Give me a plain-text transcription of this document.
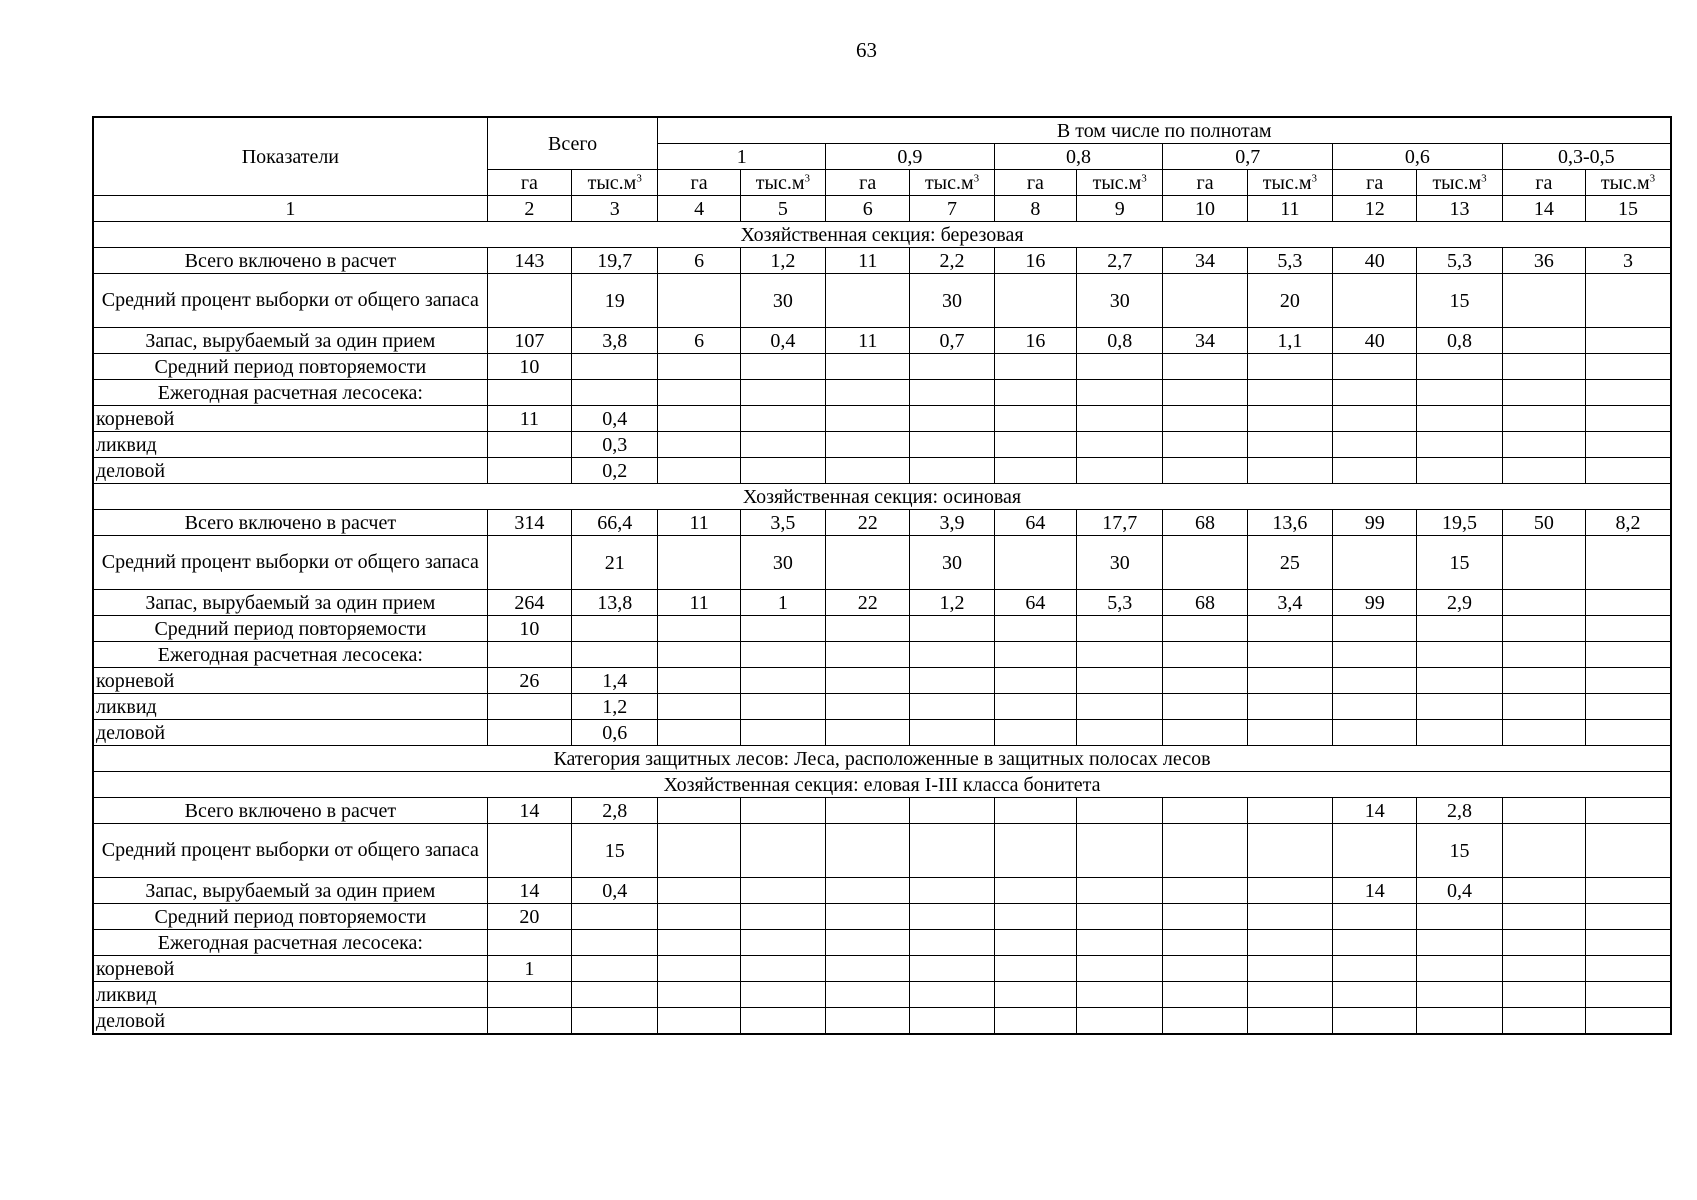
63
Показатели	Всего		В том числе по полнотам											
			1		0,9		0,8		0,7		0,6		0,3-0,5	
	га	$тыс.м^3$	га	$тыс.м^3$	га	$тыс.м^3$	га	$тыс.м^3$	га	$тыс.м^3$	га	$тыс.м^3$	га	$тыс.м^3$
1	2	3	4	5	6	7	8	9	10	11	12	13	14	15
Хозяйственная секция: березовая														
Всего включено в расчет	143	19,7	6	1,2	11	2,2	16	2,7	34	5,3	40	5,3	36	3
Средний процент выборки от общего запаса		19		30		30		30		20		15		
Запас, вырубаемый за один прием	107	3,8	6	0,4	11	0,7	16	0,8	34	1,1	40	0,8		
Средний период повторяемости	10													
Ежегодная расчетная лесосека:														
корневой	11	0,4												
ликвид		0,3												
деловой		0,2												
Хозяйственная секция: осиновая														
Всего включено в расчет	314	66,4	11	3,5	22	3,9	64	17,7	68	13,6	99	19,5	50	8,2
Средний процент выборки от общего запаса		21		30		30		30		25		15		
Запас, вырубаемый за один прием	264	13,8	11	1	22	1,2	64	5,3	68	3,4	99	2,9		
Средний период повторяемости	10													
Ежегодная расчетная лесосека:														
корневой	26	1,4												
ликвид		1,2												
деловой		0,6												
Категория защитных лесов: Леса, расположенные в защитных полосах лесов														
Хозяйственная секция: еловая I-III класса бонитета														
Всего включено в расчет	14	2,8									14	2,8		
Средний процент выборки от общего запаса		15										15		
Запас, вырубаемый за один прием	14	0,4									14	0,4		
Средний период повторяемости	20													
Ежегодная расчетная лесосека:														
корневой	1													
ликвид														
деловой														
